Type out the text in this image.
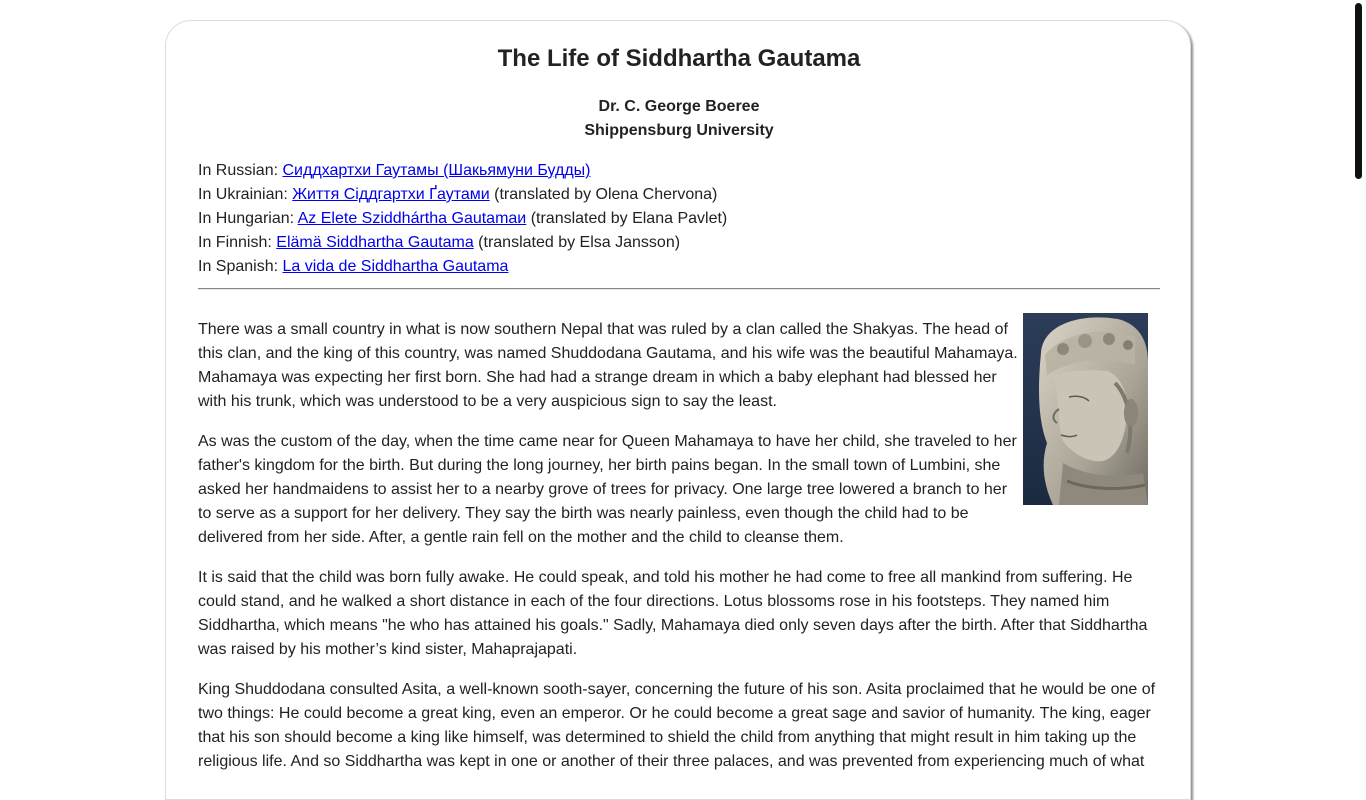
The Life of Siddhartha Gautama
Dr. C. George Boeree
Shippensburg University
In Russian: Сиддхартхи Гаутамы (Шакьямуни Будды)
In Ukrainian: Життя Сіддгартхи Ґаутами (translated by Olena Chervona)
In Hungarian: Az Elete Sziddhártha Gautamaи (translated by Elana Pavlet)
In Finnish: Elämä Siddhartha Gautama (translated by Elsa Jansson)
In Spanish: La vida de Siddhartha Gautama

There was a small country in what is now southern Nepal that was ruled by a clan called the Shakyas. The head of this clan, and the king of this country, was named Shuddodana Gautama, and his wife was the beautiful Mahamaya. Mahamaya was expecting her first born. She had had a strange dream in which a baby elephant had blessed her with his trunk, which was understood to be a very auspicious sign to say the least.

As was the custom of the day, when the time came near for Queen Mahamaya to have her child, she traveled to her father's kingdom for the birth. But during the long journey, her birth pains began. In the small town of Lumbini, she asked her handmaidens to assist her to a nearby grove of trees for privacy. One large tree lowered a branch to her to serve as a support for her delivery. They say the birth was nearly painless, even though the child had to be delivered from her side. After, a gentle rain fell on the mother and the child to cleanse them.

It is said that the child was born fully awake. He could speak, and told his mother he had come to free all mankind from suffering. He could stand, and he walked a short distance in each of the four directions. Lotus blossoms rose in his footsteps. They named him Siddhartha, which means "he who has attained his goals." Sadly, Mahamaya died only seven days after the birth. After that Siddhartha was raised by his mother’s kind sister, Mahaprajapati.

King Shuddodana consulted Asita, a well-known sooth-sayer, concerning the future of his son. Asita proclaimed that he would be one of two things: He could become a great king, even an emperor. Or he could become a great sage and savior of humanity. The king, eager that his son should become a king like himself, was determined to shield the child from anything that might result in him taking up the religious life. And so Siddhartha was kept in one or another of their three palaces, and was prevented from experiencing much of what
